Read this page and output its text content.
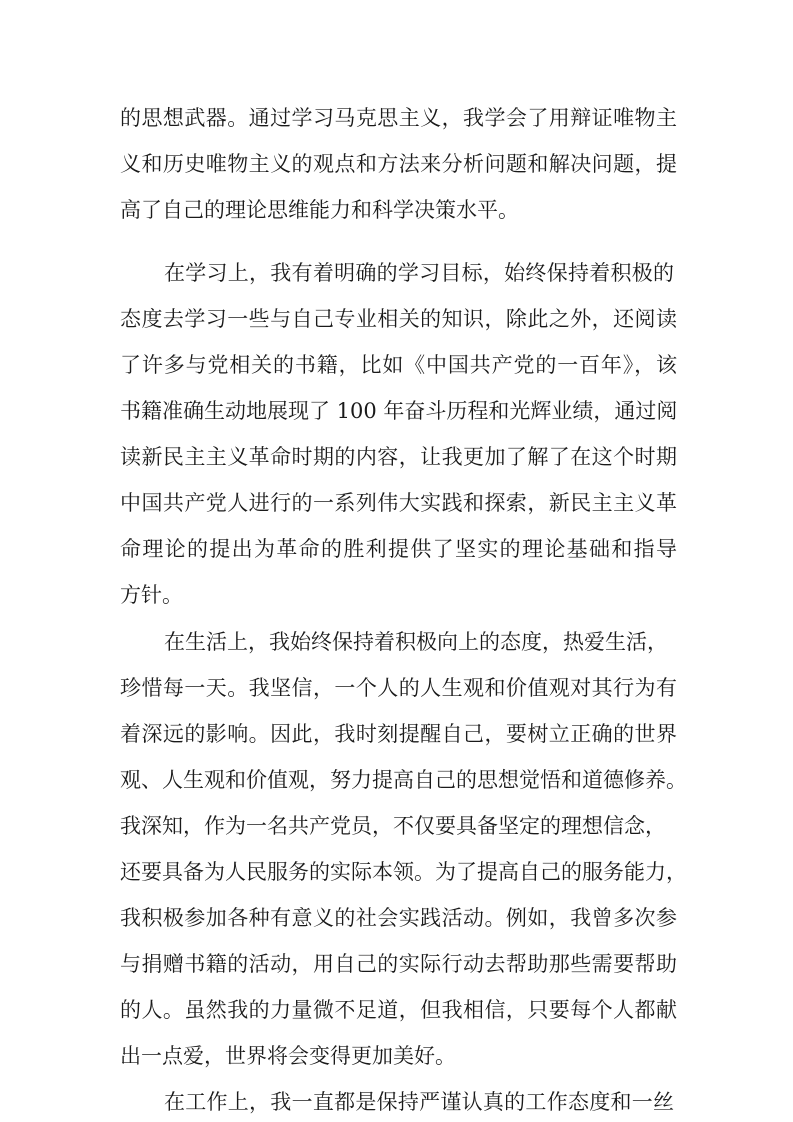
的思想武器。通过学习马克思主义，我学会了用辩证唯物主
义和历史唯物主义的观点和方法来分析问题和解决问题，提
高了自己的理论思维能力和科学决策水平。
在学习上，我有着明确的学习目标，始终保持着积极的
态度去学习一些与自己专业相关的知识，除此之外，还阅读
了许多与党相关的书籍，比如《中国共产党的一百年》，该
书籍准确生动地展现了 100 年奋斗历程和光辉业绩，通过阅
读新民主主义革命时期的内容，让我更加了解了在这个时期
中国共产党人进行的一系列伟大实践和探索，新民主主义革
命理论的提出为革命的胜利提供了坚实的理论基础和指导
方针。
在生活上，我始终保持着积极向上的态度，热爱生活，
珍惜每一天。我坚信，一个人的人生观和价值观对其行为有
着深远的影响。因此，我时刻提醒自己，要树立正确的世界
观、人生观和价值观，努力提高自己的思想觉悟和道德修养。
我深知，作为一名共产党员，不仅要具备坚定的理想信念，
还要具备为人民服务的实际本领。为了提高自己的服务能力，
我积极参加各种有意义的社会实践活动。例如，我曾多次参
与捐赠书籍的活动，用自己的实际行动去帮助那些需要帮助
的人。虽然我的力量微不足道，但我相信，只要每个人都献
出一点爱，世界将会变得更加美好。
在工作上，我一直都是保持严谨认真的工作态度和一丝
